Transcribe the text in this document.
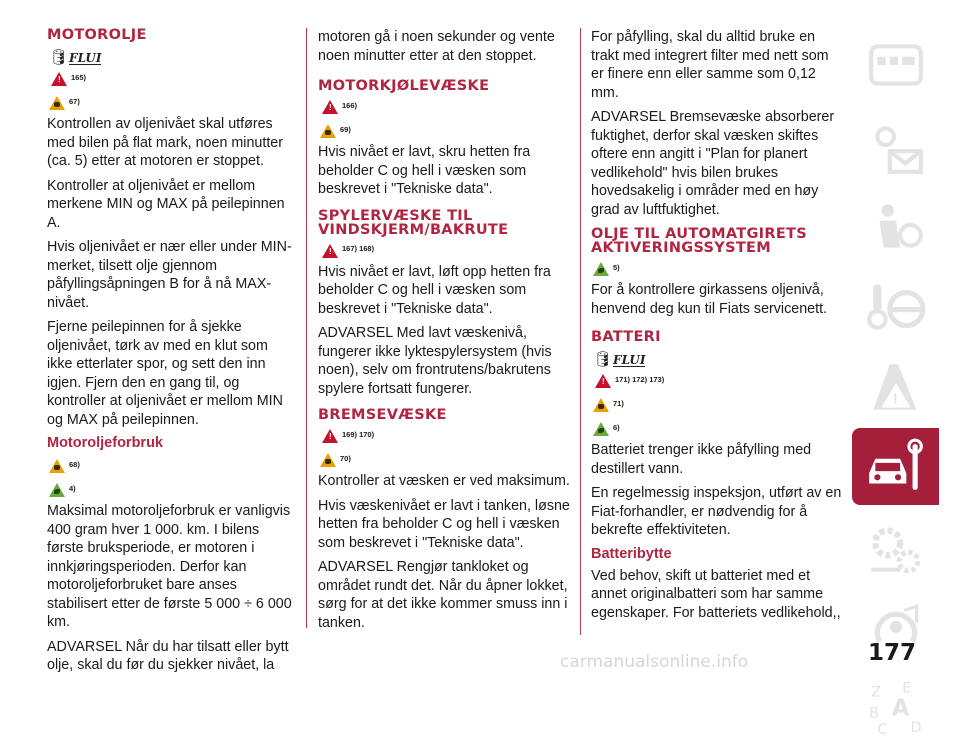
MOTOROLJE
🛢 FLUI
! 165)
67)

Kontrollen av oljenivået skal utføres med bilen på flat mark, noen minutter (ca. 5) etter at motoren er stoppet.

Kontroller at oljenivået er mellom merkene MIN og MAX på peilepinnen A.

Hvis oljenivået er nær eller under MIN-merket, tilsett olje gjennom påfyllingsåpningen B for å nå MAX-nivået.

Fjerne peilepinnen for å sjekke oljenivået, tørk av med en klut som ikke etterlater spor, og sett den inn igjen. Fjern den en gang til, og kontroller at oljenivået er mellom MIN og MAX på peilepinnen.

Motoroljeforbruk
68)
4)

Maksimal motoroljeforbruk er vanligvis 400 gram hver 1 000. km. I bilens første bruksperiode, er motoren i innkjøringsperioden. Derfor kan motoroljeforbruket bare anses stabilisert etter de første 5 000 ÷ 6 000 km.

ADVARSEL Når du har tilsatt eller bytt olje, skal du før du sjekker nivået, la

motoren gå i noen sekunder og vente noen minutter etter at den stoppet.

MOTORKJØLEVÆSKE
! 166)
69)

Hvis nivået er lavt, skru hetten fra beholder C og hell i væsken som beskrevet i "Tekniske data".

SPYLERVÆSKE TIL VINDSKJERM/BAKRUTE
! 167) 168)

Hvis nivået er lavt, løft opp hetten fra beholder C og hell i væsken som beskrevet i "Tekniske data".

ADVARSEL Med lavt væskenivå, fungerer ikke lyktespylersystem (hvis noen), selv om frontrutens/bakrutens spylere fortsatt fungerer.

BREMSEVÆSKE
! 169) 170)
70)

Kontroller at væsken er ved maksimum.

Hvis væskenivået er lavt i tanken, løsne hetten fra beholder C og hell i væsken som beskrevet i "Tekniske data".

ADVARSEL Rengjør tankloket og området rundt det. Når du åpner lokket, sørg for at det ikke kommer smuss inn i tanken.

For påfylling, skal du alltid bruke en trakt med integrert filter med nett som er finere enn eller samme som 0,12 mm.

ADVARSEL Bremsevæske absorberer fuktighet, derfor skal væsken skiftes oftere enn angitt i "Plan for planert vedlikehold" hvis bilen brukes hovedsakelig i områder med en høy grad av luftfuktighet.

OLJE TIL AUTOMATGIRETS AKTIVERINGSSYSTEM
5)

For å kontrollere girkassens oljenivå, henvend deg kun til Fiats servicenett.

BATTERI
🛢 FLUI
! 171) 172) 173)
71)
6)

Batteriet trenger ikke påfylling med destillert vann.

En regelmessig inspeksjon, utført av en Fiat-forhandler, er nødvendig for å bekrefte effektiviteten.

Batteribytte

Ved behov, skift ut batteriet med et annet originalbatteri som har samme egenskaper. For batteriets vedlikehold,,

!
Z E
B A
C D
177
carmanualsonline.info
